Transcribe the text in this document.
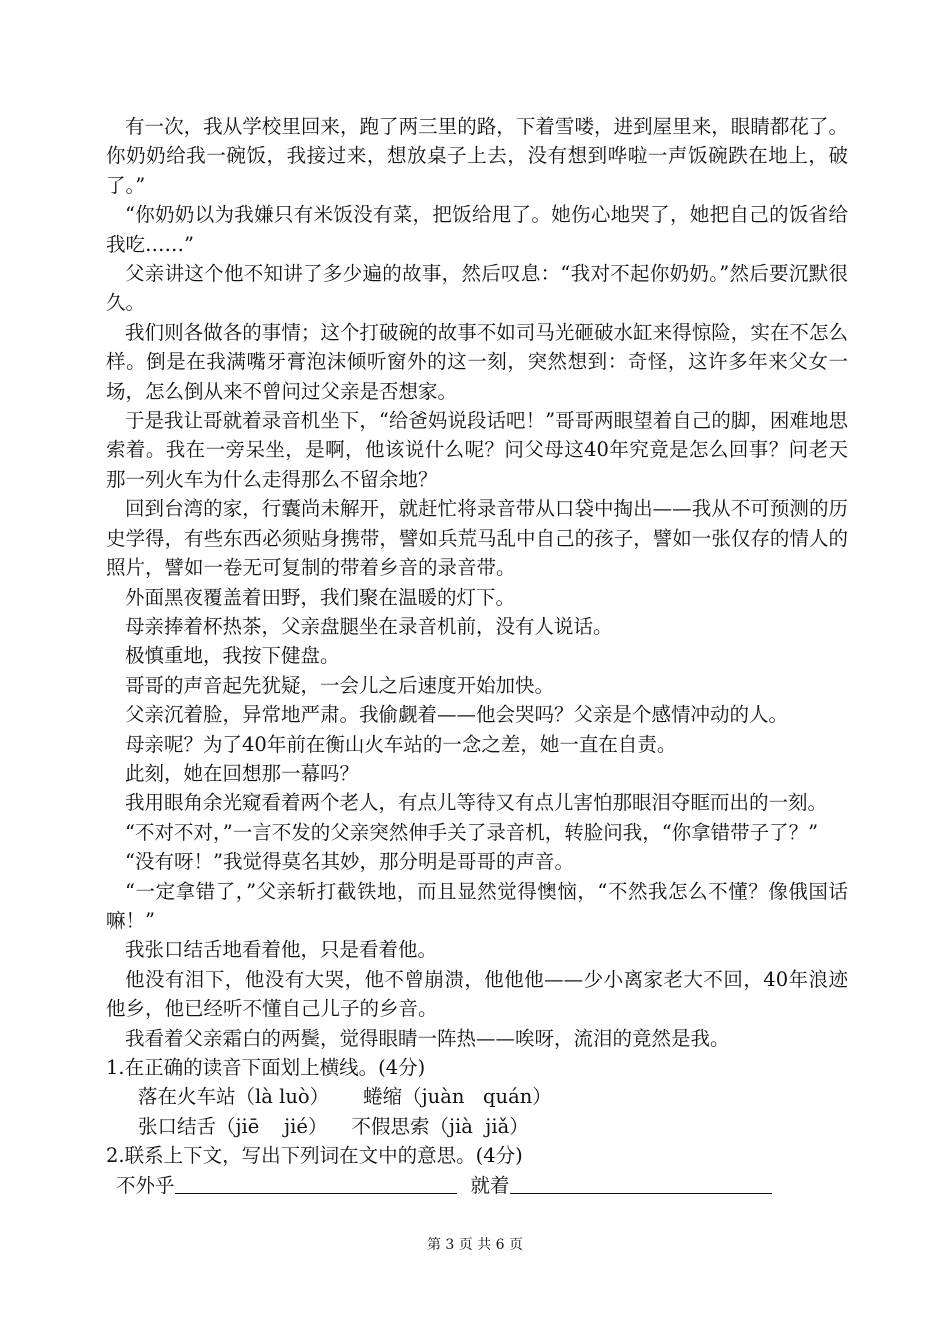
有一次，我从学校里回来，跑了两三里的路，下着雪喽，进到屋里来，眼睛都花了。你奶奶给我一碗饭，我接过来，想放桌子上去，没有想到哗啦一声饭碗跌在地上，破了。”

“你奶奶以为我嫌只有米饭没有菜，把饭给甩了。她伤心地哭了，她把自己的饭省给我吃……”

父亲讲这个他不知讲了多少遍的故事，然后叹息：“我对不起你奶奶。”然后要沉默很久。

我们则各做各的事情；这个打破碗的故事不如司马光砸破水缸来得惊险，实在不怎么样。倒是在我满嘴牙膏泡沫倾听窗外的这一刻，突然想到：奇怪，这许多年来父女一场，怎么倒从来不曾问过父亲是否想家。

于是我让哥就着录音机坐下，“给爸妈说段话吧！”哥哥两眼望着自己的脚，困难地思索着。我在一旁呆坐，是啊，他该说什么呢？问父母这40年究竟是怎么回事？问老天那一列火车为什么走得那么不留余地？

回到台湾的家，行囊尚未解开，就赶忙将录音带从口袋中掏出——我从不可预测的历史学得，有些东西必须贴身携带，譬如兵荒马乱中自己的孩子，譬如一张仅存的情人的照片，譬如一卷无可复制的带着乡音的录音带。

外面黑夜覆盖着田野，我们聚在温暖的灯下。

母亲捧着杯热茶，父亲盘腿坐在录音机前，没有人说话。

极慎重地，我按下健盘。

哥哥的声音起先犹疑，一会儿之后速度开始加快。

父亲沉着脸，异常地严肃。我偷觑着——他会哭吗？父亲是个感情冲动的人。

母亲呢？为了40年前在衡山火车站的一念之差，她一直在自责。

此刻，她在回想那一幕吗？

我用眼角余光窥看着两个老人，有点儿等待又有点儿害怕那眼泪夺眶而出的一刻。

“不对不对，”一言不发的父亲突然伸手关了录音机，转脸问我，“你拿错带子了？”

“没有呀！”我觉得莫名其妙，那分明是哥哥的声音。

“一定拿错了，”父亲斩打截铁地，而且显然觉得懊恼，“不然我怎么不懂？像俄国话嘛！”

我张口结舌地看着他，只是看着他。

他没有泪下，他没有大哭，他不曾崩溃，他他他——少小离家老大不回，40年浪迹他乡，他已经听不懂自己儿子的乡音。

我看着父亲霜白的两鬓，觉得眼睛一阵热——唉呀，流泪的竟然是我。

1.在正确的读音下面划上横线。(4分)

落在火车站（là luò） 蜷缩（juàn   quán）

张口结舌（jiē    jié） 不假思索（jià  jiǎ）

2.联系上下文，写出下列词在文中的意思。(4分)

不外乎	就着

第 3 页 共 6 页
